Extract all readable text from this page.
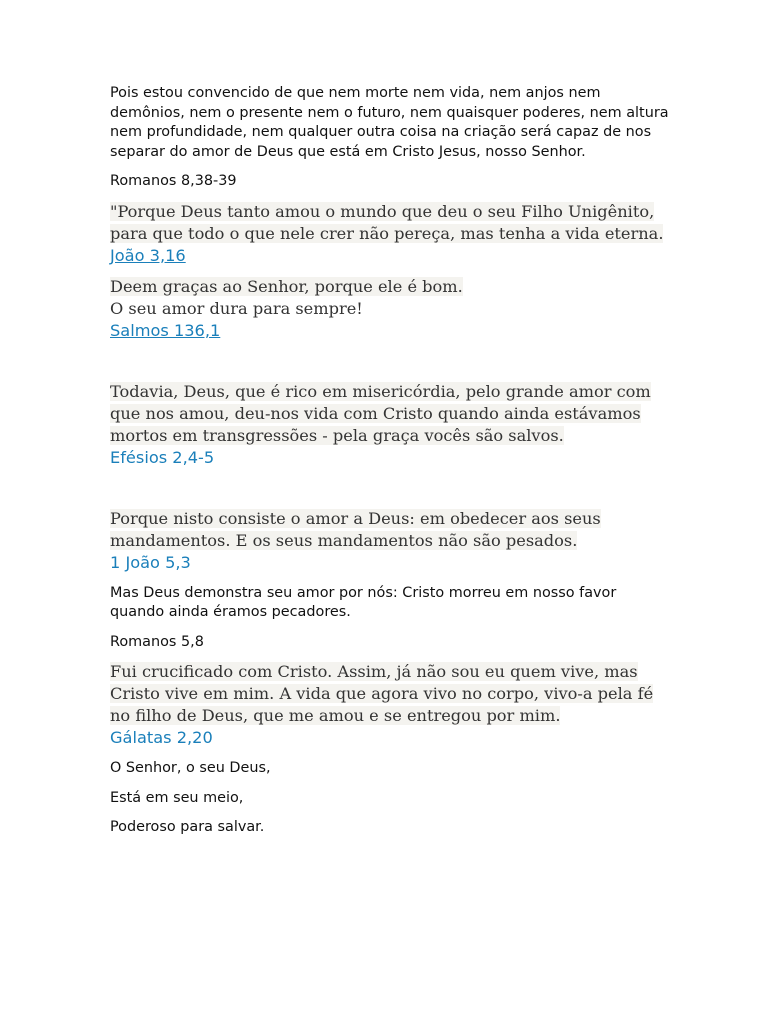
Pois estou convencido de que nem morte nem vida, nem anjos nem demônios, nem o presente nem o futuro, nem quaisquer poderes, nem altura nem profundidade, nem qualquer outra coisa na criação será capaz de nos separar do amor de Deus que está em Cristo Jesus, nosso Senhor.

Romanos 8,38-39

"Porque Deus tanto amou o mundo que deu o seu Filho Unigênito, para que todo o que nele crer não pereça, mas tenha a vida eterna.

João 3,16

Deem graças ao Senhor, porque ele é bom.

O seu amor dura para sempre!

Salmos 136,1

Todavia, Deus, que é rico em misericórdia, pelo grande amor com que nos amou, deu-nos vida com Cristo quando ainda estávamos mortos em transgressões - pela graça vocês são salvos.

Efésios 2,4-5

Porque nisto consiste o amor a Deus: em obedecer aos seus mandamentos. E os seus mandamentos não são pesados.

1 João 5,3

Mas Deus demonstra seu amor por nós: Cristo morreu em nosso favor quando ainda éramos pecadores.

Romanos 5,8

Fui crucificado com Cristo. Assim, já não sou eu quem vive, mas Cristo vive em mim. A vida que agora vivo no corpo, vivo-a pela fé no filho de Deus, que me amou e se entregou por mim.

Gálatas 2,20

O Senhor, o seu Deus,

Está em seu meio,

Poderoso para salvar.
